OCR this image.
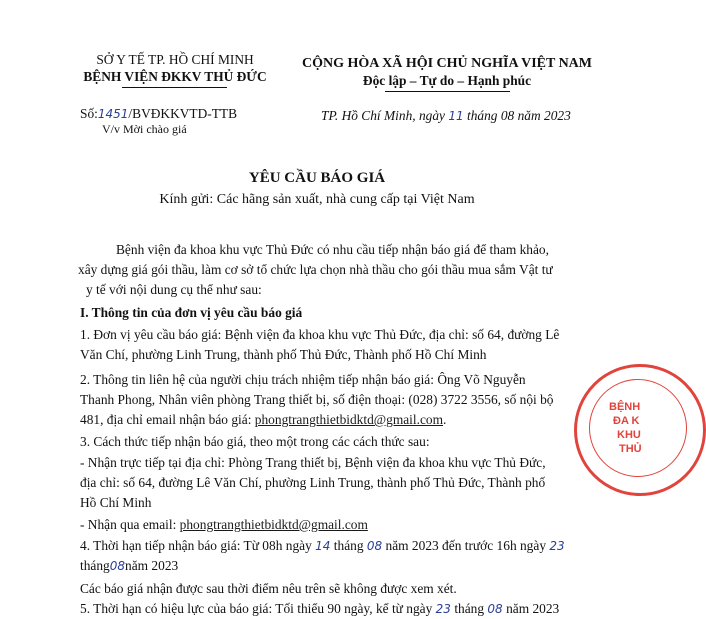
SỞ Y TẾ TP. HỒ CHÍ MINH
BỆNH VIỆN ĐKKV THỦ ĐỨC
Số:1451/BVĐKKVTD-TTB
V/v Mời chào giá
CỘNG HÒA XÃ HỘI CHỦ NGHĨA VIỆT NAM
Độc lập – Tự do – Hạnh phúc
TP. Hồ Chí Minh, ngày 11 tháng 08 năm 2023
YÊU CẦU BÁO GIÁ
Kính gửi: Các hãng sản xuất, nhà cung cấp tại Việt Nam
Bệnh viện đa khoa khu vực Thủ Đức có nhu cầu tiếp nhận báo giá để tham khảo,
xây dựng giá gói thầu, làm cơ sở tổ chức lựa chọn nhà thầu cho gói thầu mua sắm Vật tư
y tế với nội dung cụ thể như sau:
I. Thông tin của đơn vị yêu cầu báo giá
1. Đơn vị yêu cầu báo giá: Bệnh viện đa khoa khu vực Thủ Đức, địa chỉ: số 64, đường Lê
Văn Chí, phường Linh Trung, thành phố Thủ Đức, Thành phố Hồ Chí Minh
2. Thông tin liên hệ của người chịu trách nhiệm tiếp nhận báo giá: Ông Võ Nguyễn
Thanh Phong, Nhân viên phòng Trang thiết bị, số điện thoại: (028) 3722 3556, số nội bộ
481, địa chỉ email nhận báo giá: phongtrangthietbidktd@gmail.com.
3. Cách thức tiếp nhận báo giá, theo một trong các cách thức sau:
- Nhận trực tiếp tại địa chỉ: Phòng Trang thiết bị, Bệnh viện đa khoa khu vực Thủ Đức,
địa chỉ: số 64, đường Lê Văn Chí, phường Linh Trung, thành phố Thủ Đức, Thành phố
Hồ Chí Minh
- Nhận qua email: phongtrangthietbidktd@gmail.com
4. Thời hạn tiếp nhận báo giá: Từ 08h ngày 14 tháng 08 năm 2023 đến trước 16h ngày 23
tháng08năm 2023
Các báo giá nhận được sau thời điểm nêu trên sẽ không được xem xét.
5. Thời hạn có hiệu lực của báo giá: Tối thiểu 90 ngày, kể từ ngày 23 tháng 08 năm 2023
BỆNH
ĐA K
KHU
THỦ
